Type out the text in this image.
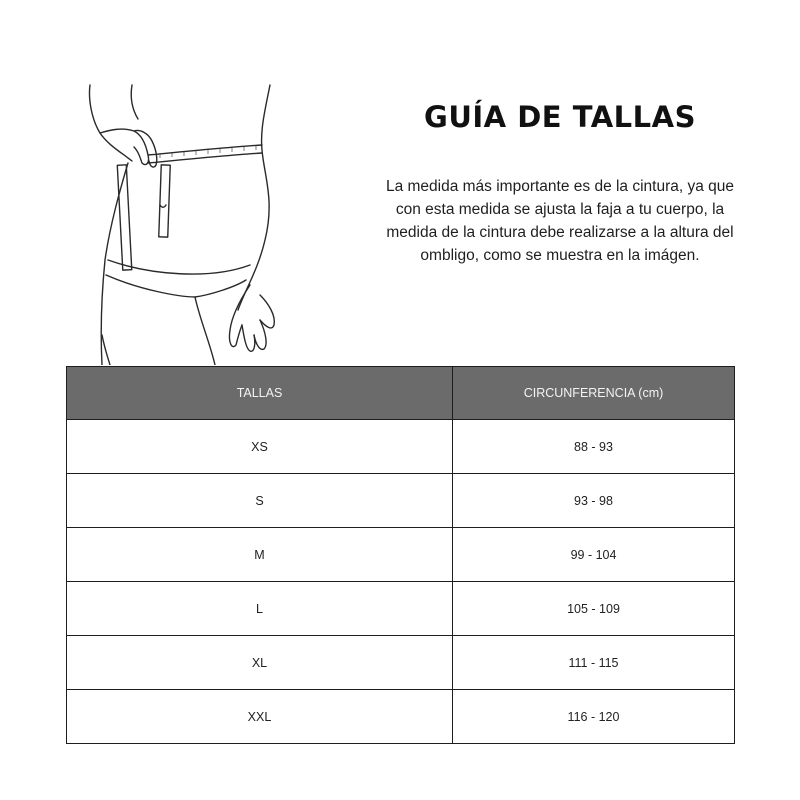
GUÍA DE TALLAS
La medida más importante es de la cintura, ya que con esta medida se ajusta la faja a tu cuerpo, la medida de la cintura debe realizarse a la altura del ombligo, como se muestra en la imágen.
TALLAS	CIRCUNFERENCIA (cm)
XS	88 - 93
S	93 - 98
M	99 - 104
L	105 - 109
XL	111 - 115
XXL	116 - 120
